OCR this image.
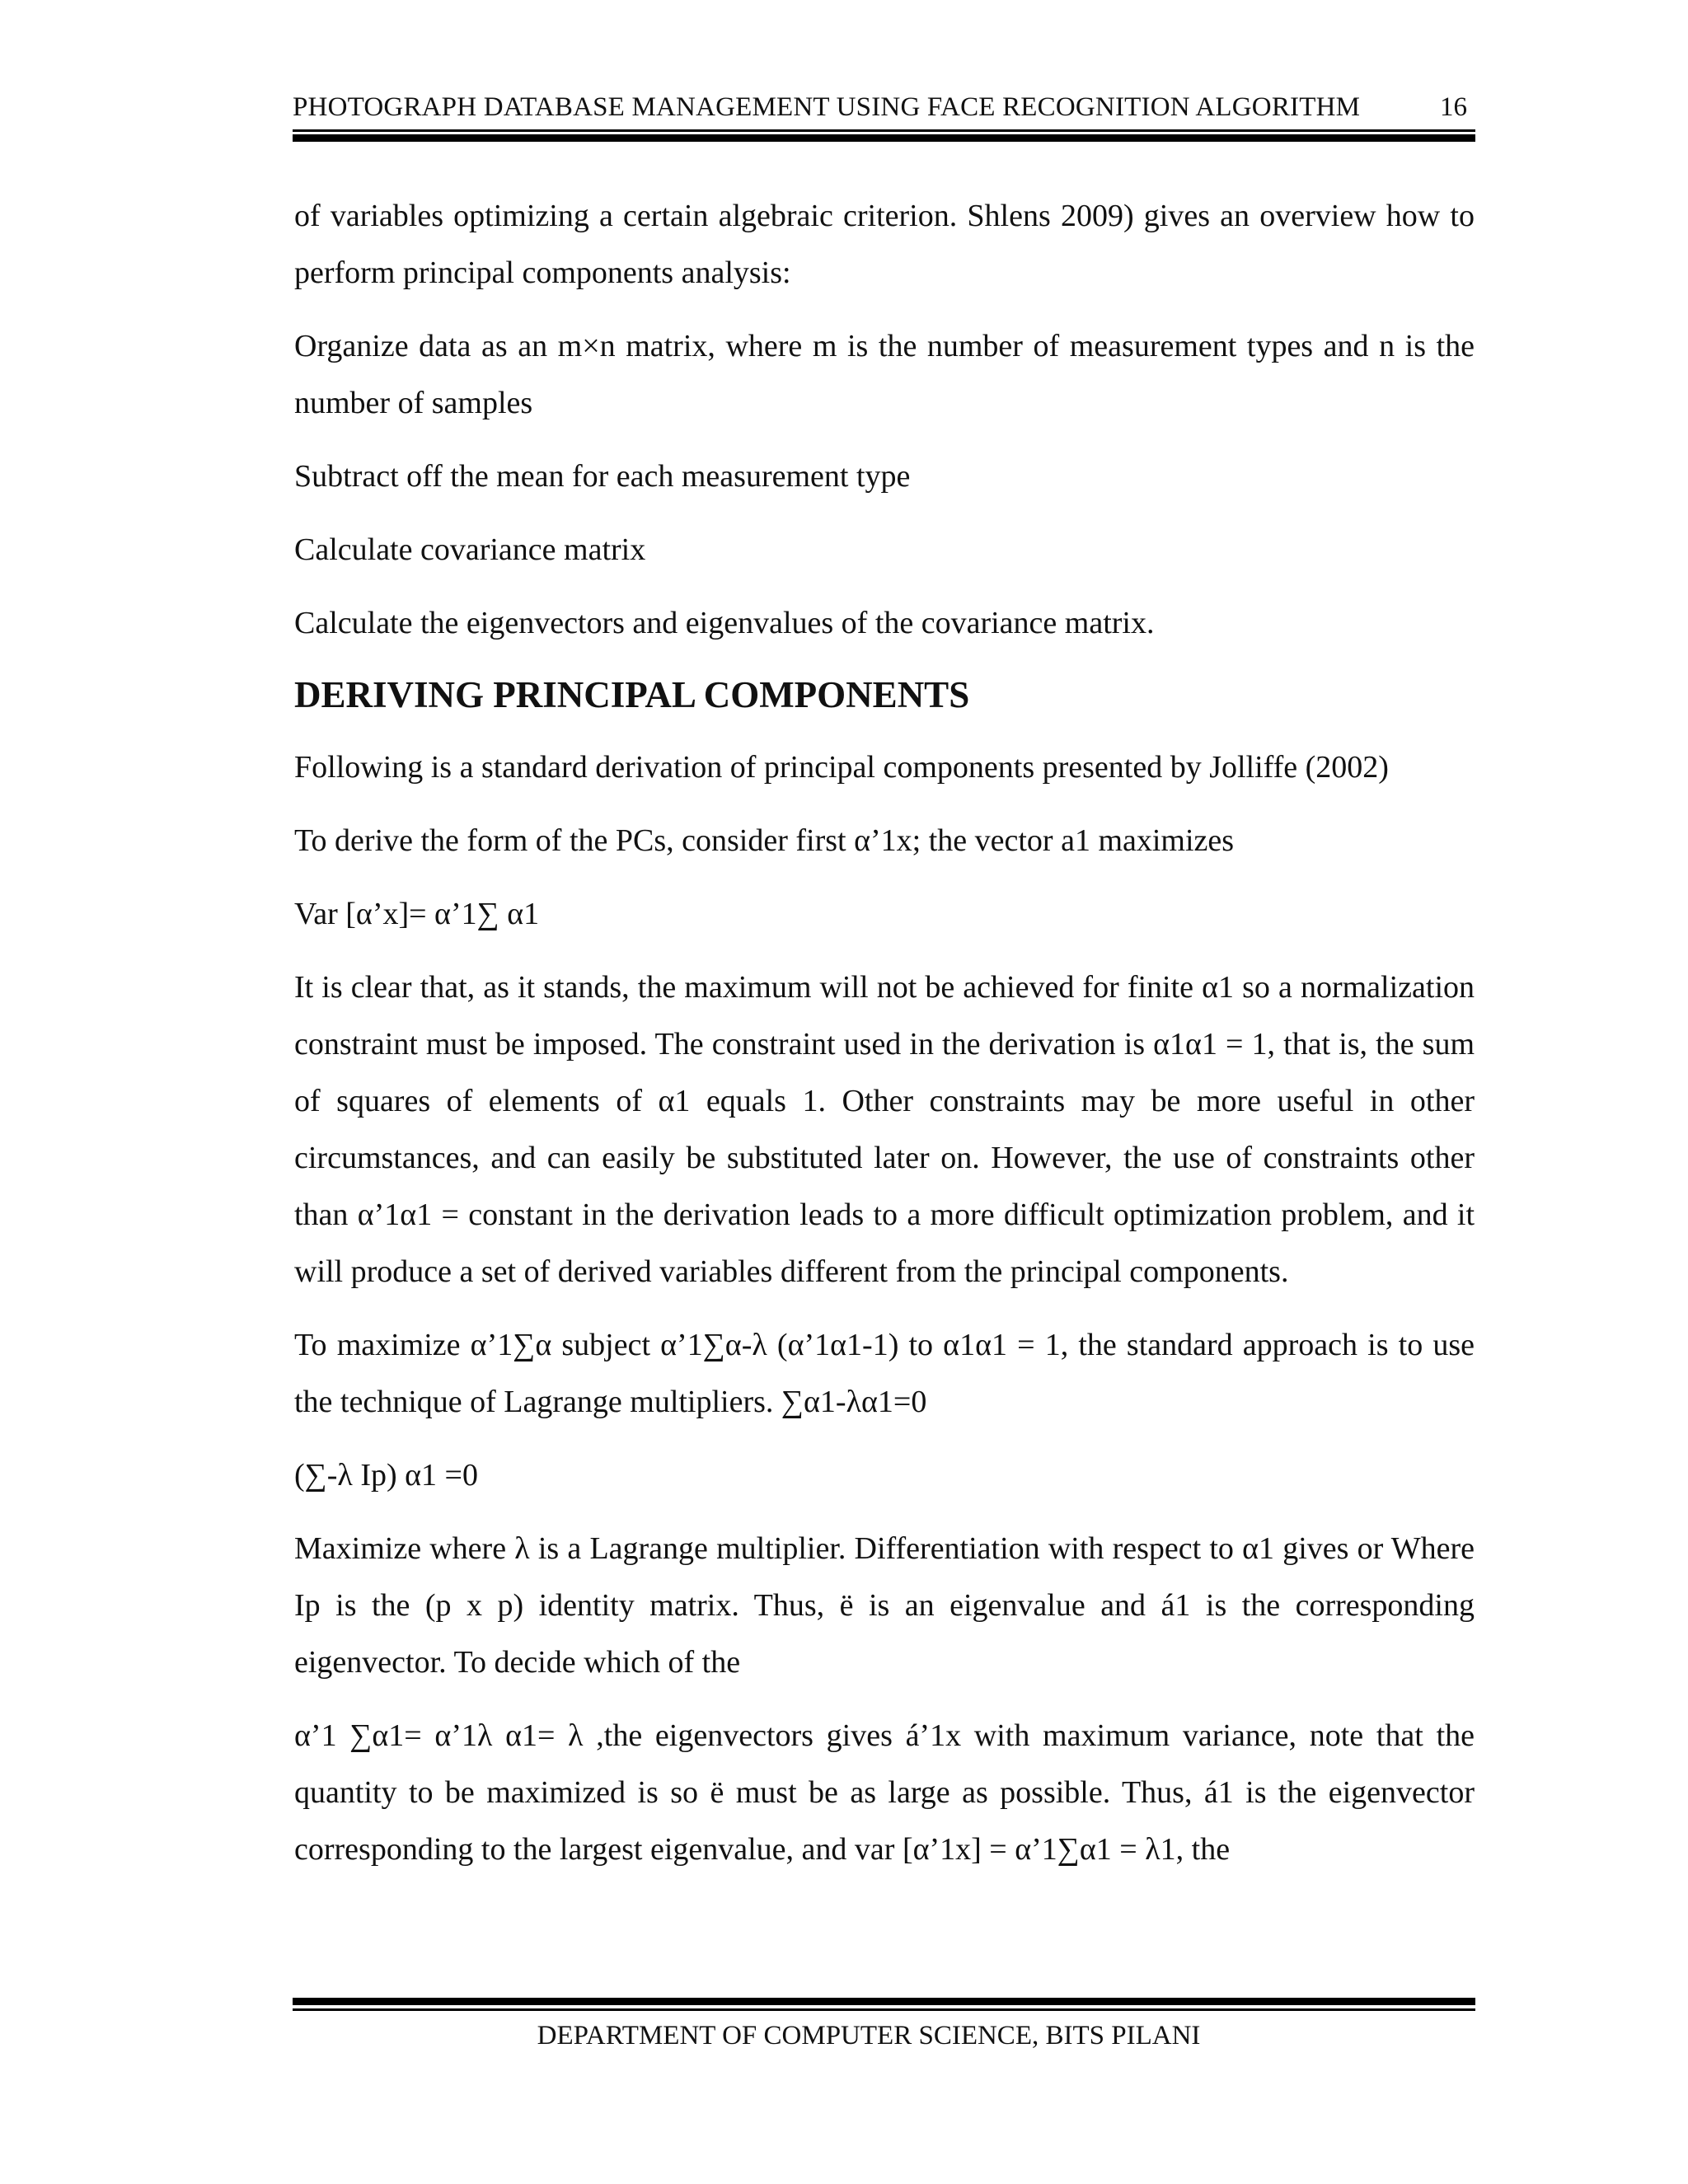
PHOTOGRAPH DATABASE MANAGEMENT USING FACE RECOGNITION ALGORITHM	16

of variables optimizing a certain algebraic criterion. Shlens 2009) gives an overview how to perform principal components analysis:

Organize data as an m×n matrix, where m is the number of measurement types and n is the number of samples

Subtract off the mean for each measurement type

Calculate covariance matrix

Calculate the eigenvectors and eigenvalues of the covariance matrix.

DERIVING PRINCIPAL COMPONENTS

Following is a standard derivation of principal components presented by Jolliffe (2002)

To derive the form of the PCs, consider first α’1x; the vector a1 maximizes

Var [α’x]= α’1∑ α1

It is clear that, as it stands, the maximum will not be achieved for finite α1 so a normalization constraint must be imposed. The constraint used in the derivation is α1α1 = 1, that is, the sum of squares of elements of α1 equals 1. Other constraints may be more useful in other circumstances, and can easily be substituted later on. However, the use of constraints other than α’1α1 = constant in the derivation leads to a more difficult optimization problem, and it will produce a set of derived variables different from the principal components.

To maximize α’1∑α subject α’1∑α-λ (α’1α1-1) to α1α1 = 1, the standard approach is to use the technique of Lagrange multipliers. ∑α1-λα1=0

(∑-λ Ip) α1 =0

Maximize where λ is a Lagrange multiplier. Differentiation with respect to α1 gives or Where Ip is the (p x p) identity matrix. Thus, ë is an eigenvalue and á1 is the corresponding eigenvector. To decide which of the

α’1 ∑α1= α’1λ α1= λ ,the eigenvectors gives á’1x with maximum variance, note that the quantity to be maximized is so ë must be as large as possible. Thus, á1 is the eigenvector corresponding to the largest eigenvalue, and var [α’1x] = α’1∑α1 = λ1, the

DEPARTMENT OF COMPUTER SCIENCE, BITS PILANI
